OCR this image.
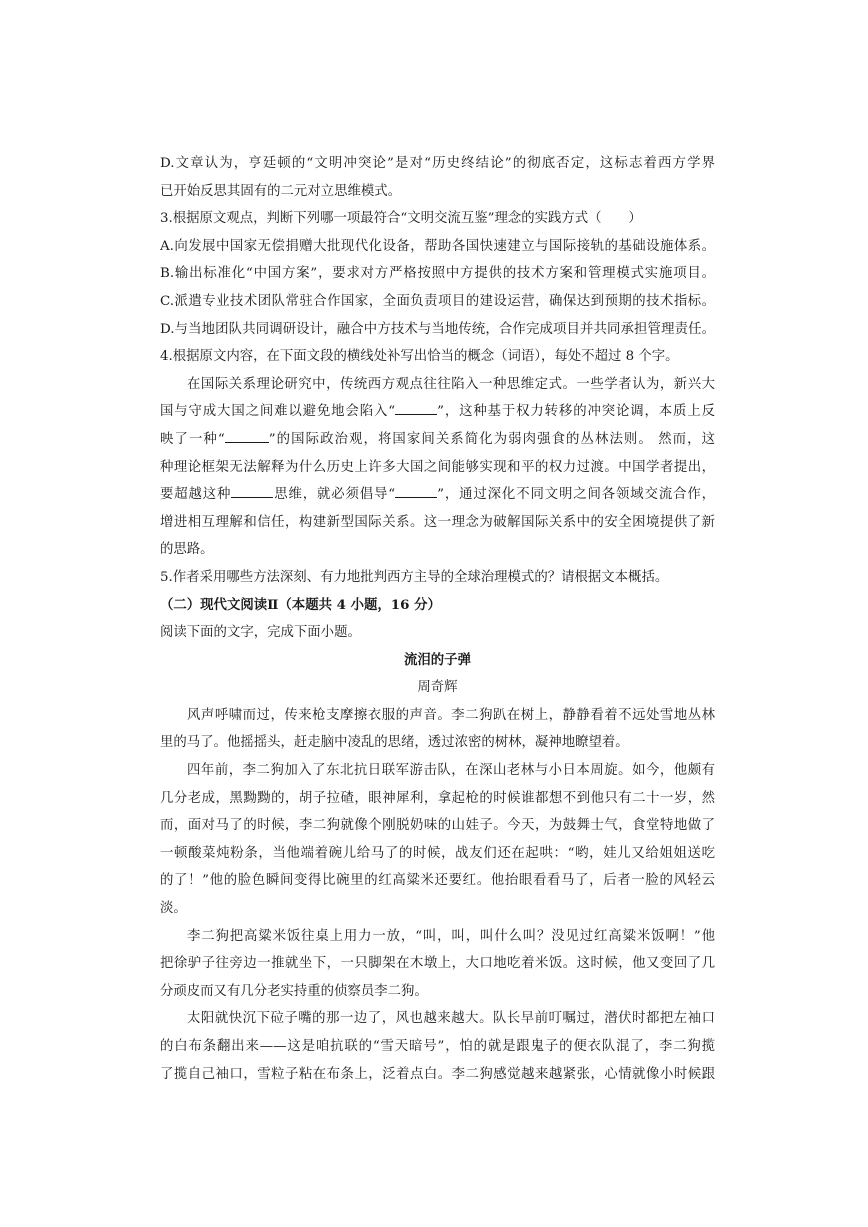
D.文章认为，亨廷顿的“文明冲突论”是对“历史终结论”的彻底否定，这标志着西方学界
已开始反思其固有的二元对立思维模式。
3.根据原文观点，判断下列哪一项最符合“文明交流互鉴”理念的实践方式（　　）
A.向发展中国家无偿捐赠大批现代化设备，帮助各国快速建立与国际接轨的基础设施体系。
B.输出标准化“中国方案”，要求对方严格按照中方提供的技术方案和管理模式实施项目。
C.派遣专业技术团队常驻合作国家，全面负责项目的建设运营，确保达到预期的技术指标。
D.与当地团队共同调研设计，融合中方技术与当地传统，合作完成项目并共同承担管理责任。
4.根据原文内容，在下面文段的横线处补写出恰当的概念（词语），每处不超过 8 个字。
在国际关系理论研究中，传统西方观点往往陷入一种思维定式。一些学者认为，新兴大
国与守成大国之间难以避免地会陷入“	”，这种基于权力转移的冲突论调，本质上反
映了一种“	”的国际政治观，将国家间关系简化为弱肉强食的丛林法则。 然而，这
种理论框架无法解释为什么历史上许多大国之间能够实现和平的权力过渡。中国学者提出，
要超越这种	思维，就必须倡导“	”，通过深化不同文明之间各领域交流合作，
增进相互理解和信任，构建新型国际关系。这一理念为破解国际关系中的安全困境提供了新
的思路。
5.作者采用哪些方法深刻、有力地批判西方主导的全球治理模式的？请根据文本概括。
（二）现代文阅读Ⅱ（本题共 4 小题，16 分）
阅读下面的文字，完成下面小题。
流泪的子弹
周奇辉
风声呼啸而过，传来枪支摩擦衣服的声音。李二狗趴在树上，静静看着不远处雪地丛林
里的马了。他摇摇头，赶走脑中凌乱的思绪，透过浓密的树林，凝神地瞭望着。
四年前，李二狗加入了东北抗日联军游击队，在深山老林与小日本周旋。如今，他颇有
几分老成，黑黝黝的，胡子拉碴，眼神犀利，拿起枪的时候谁都想不到他只有二十一岁，然
而，面对马了的时候，李二狗就像个刚脱奶味的山娃子。今天，为鼓舞士气，食堂特地做了
一顿酸菜炖粉条，当他端着碗儿给马了的时候，战友们还在起哄：“哟，娃儿又给姐姐送吃
的了！”他的脸色瞬间变得比碗里的红高粱米还要红。他抬眼看看马了，后者一脸的风轻云
淡。
李二狗把高粱米饭往桌上用力一放，“叫，叫，叫什么叫？没见过红高粱米饭啊！”他
把徐驴子往旁边一推就坐下，一只脚架在木墩上，大口地吃着米饭。这时候，他又变回了几
分顽皮而又有几分老实持重的侦察员李二狗。
太阳就快沉下砬子嘴的那一边了，风也越来越大。队长早前叮嘱过，潜伏时都把左袖口
的白布条翻出来——这是咱抗联的“雪天暗号”，怕的就是跟鬼子的便衣队混了，李二狗揽
了揽自己袖口，雪粒子粘在布条上，泛着点白。李二狗感觉越来越紧张，心情就像小时候跟
